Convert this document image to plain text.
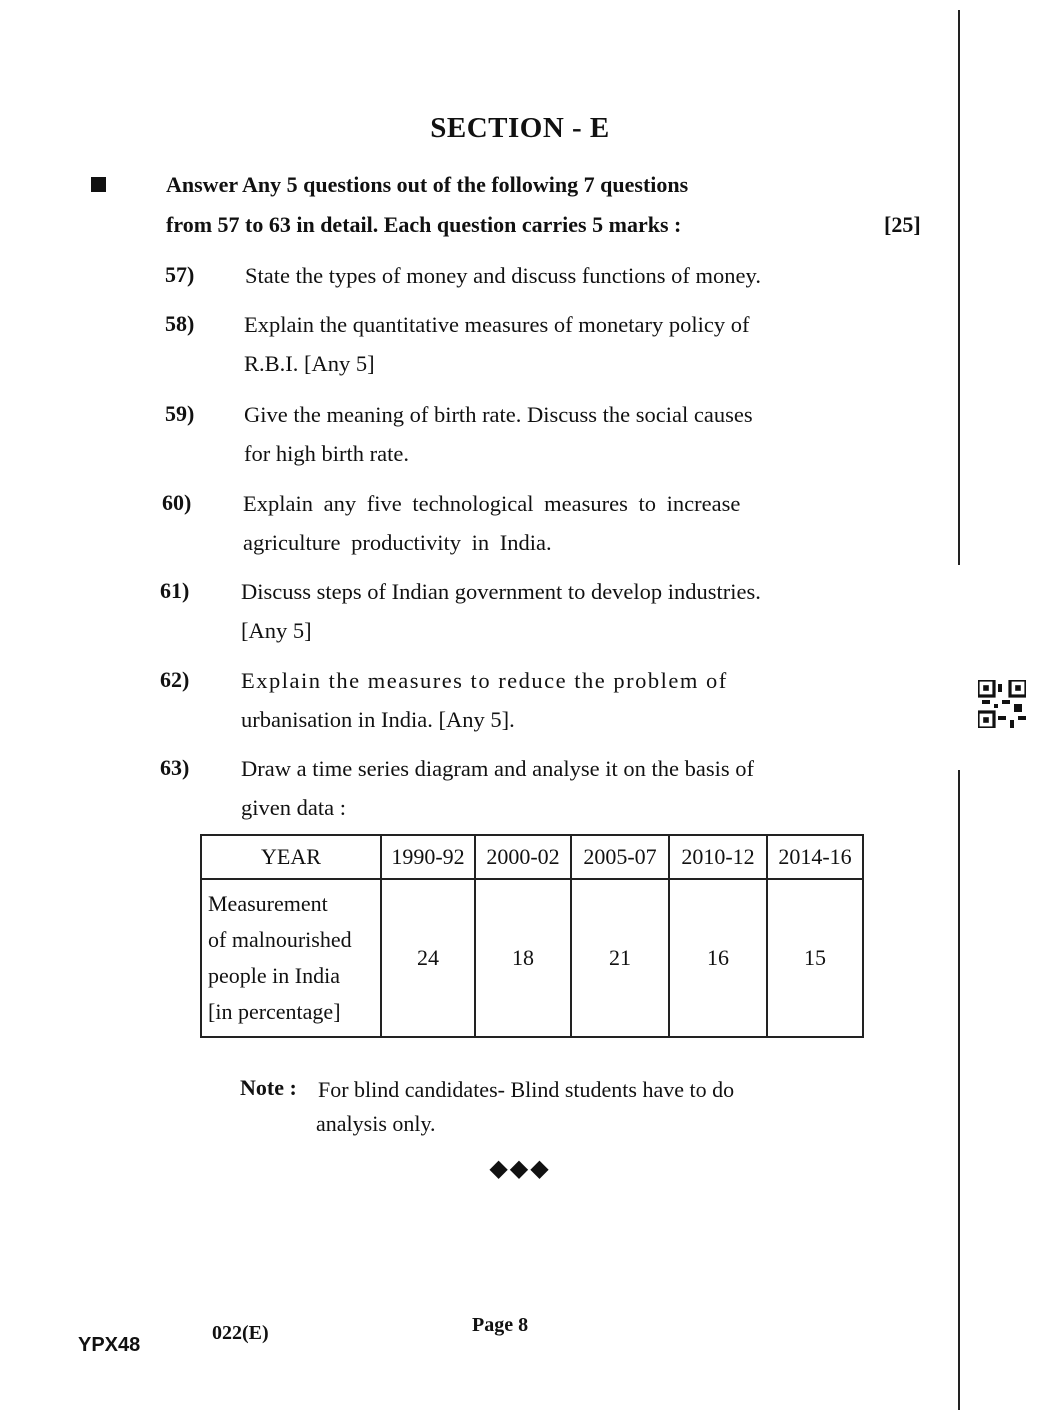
SECTION - E
Answer Any 5 questions out of the following 7 questions
from 57 to 63 in detail. Each question carries 5 marks :	[25]
57) State the types of money and discuss functions of money.
58) Explain the quantitative measures of monetary policy of
R.B.I. [Any 5]
59) Give the meaning of birth rate. Discuss the social causes
for high birth rate.
60) Explain any five technological measures to increase
agriculture productivity in India.
61) Discuss steps of Indian government to develop industries.
[Any 5]
62) Explain the measures to reduce the problem of
urbanisation in India. [Any 5].
63) Draw a time series diagram and analyse it on the basis of
given data :
YEAR	1990-92	2000-02	2005-07	2010-12	2014-16

Measurement
of malnourished
people in India
[in percentage]	24	18	21	16	15
Note : For blind candidates- Blind students have to do
analysis only.
◆◆◆
YPX48
022(E)	Page 8
